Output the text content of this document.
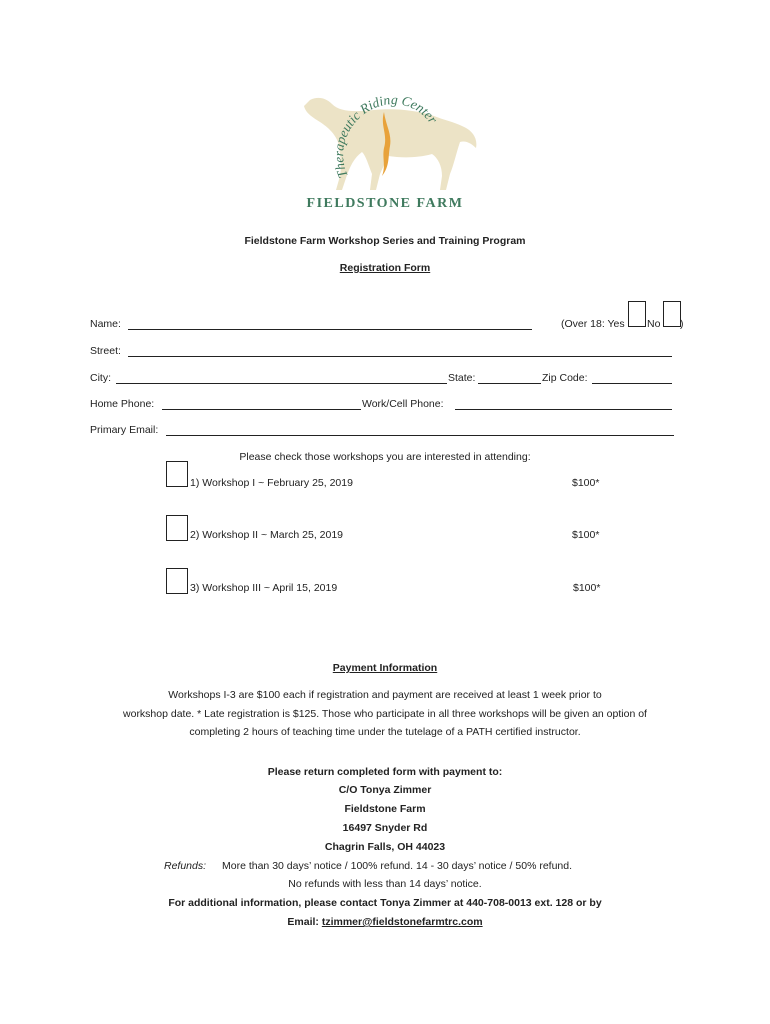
Therapeutic Riding Center
FIELDSTONE FARM
Fieldstone Farm Workshop Series and Training Program
Registration Form
Name:	(Over 18: Yes No )
Street:
City:	State:	Zip Code:
Home Phone:	Work/Cell Phone:
Primary Email:
Please check those workshops you are interested in attending:
1) Workshop I ~ February 25, 2019	$100*
2) Workshop II ~ March 25, 2019	$100*
3) Workshop III ~ April 15, 2019	$100*
Payment Information
Workshops I-3 are $100 each if registration and payment are received at least 1 week prior to
workshop date. * Late registration is $125. Those who participate in all three workshops will be given an option of
completing 2 hours of teaching time under the tutelage of a PATH certified instructor.
Please return completed form with payment to:
C/O Tonya Zimmer
Fieldstone Farm
16497 Snyder Rd
Chagrin Falls, OH 44023
Refunds: More than 30 days’ notice / 100% refund. 14 - 30 days’ notice / 50% refund.
No refunds with less than 14 days’ notice.
For additional information, please contact Tonya Zimmer at 440-708-0013 ext. 128 or by
Email: tzimmer@fieldstonefarmtrc.com
